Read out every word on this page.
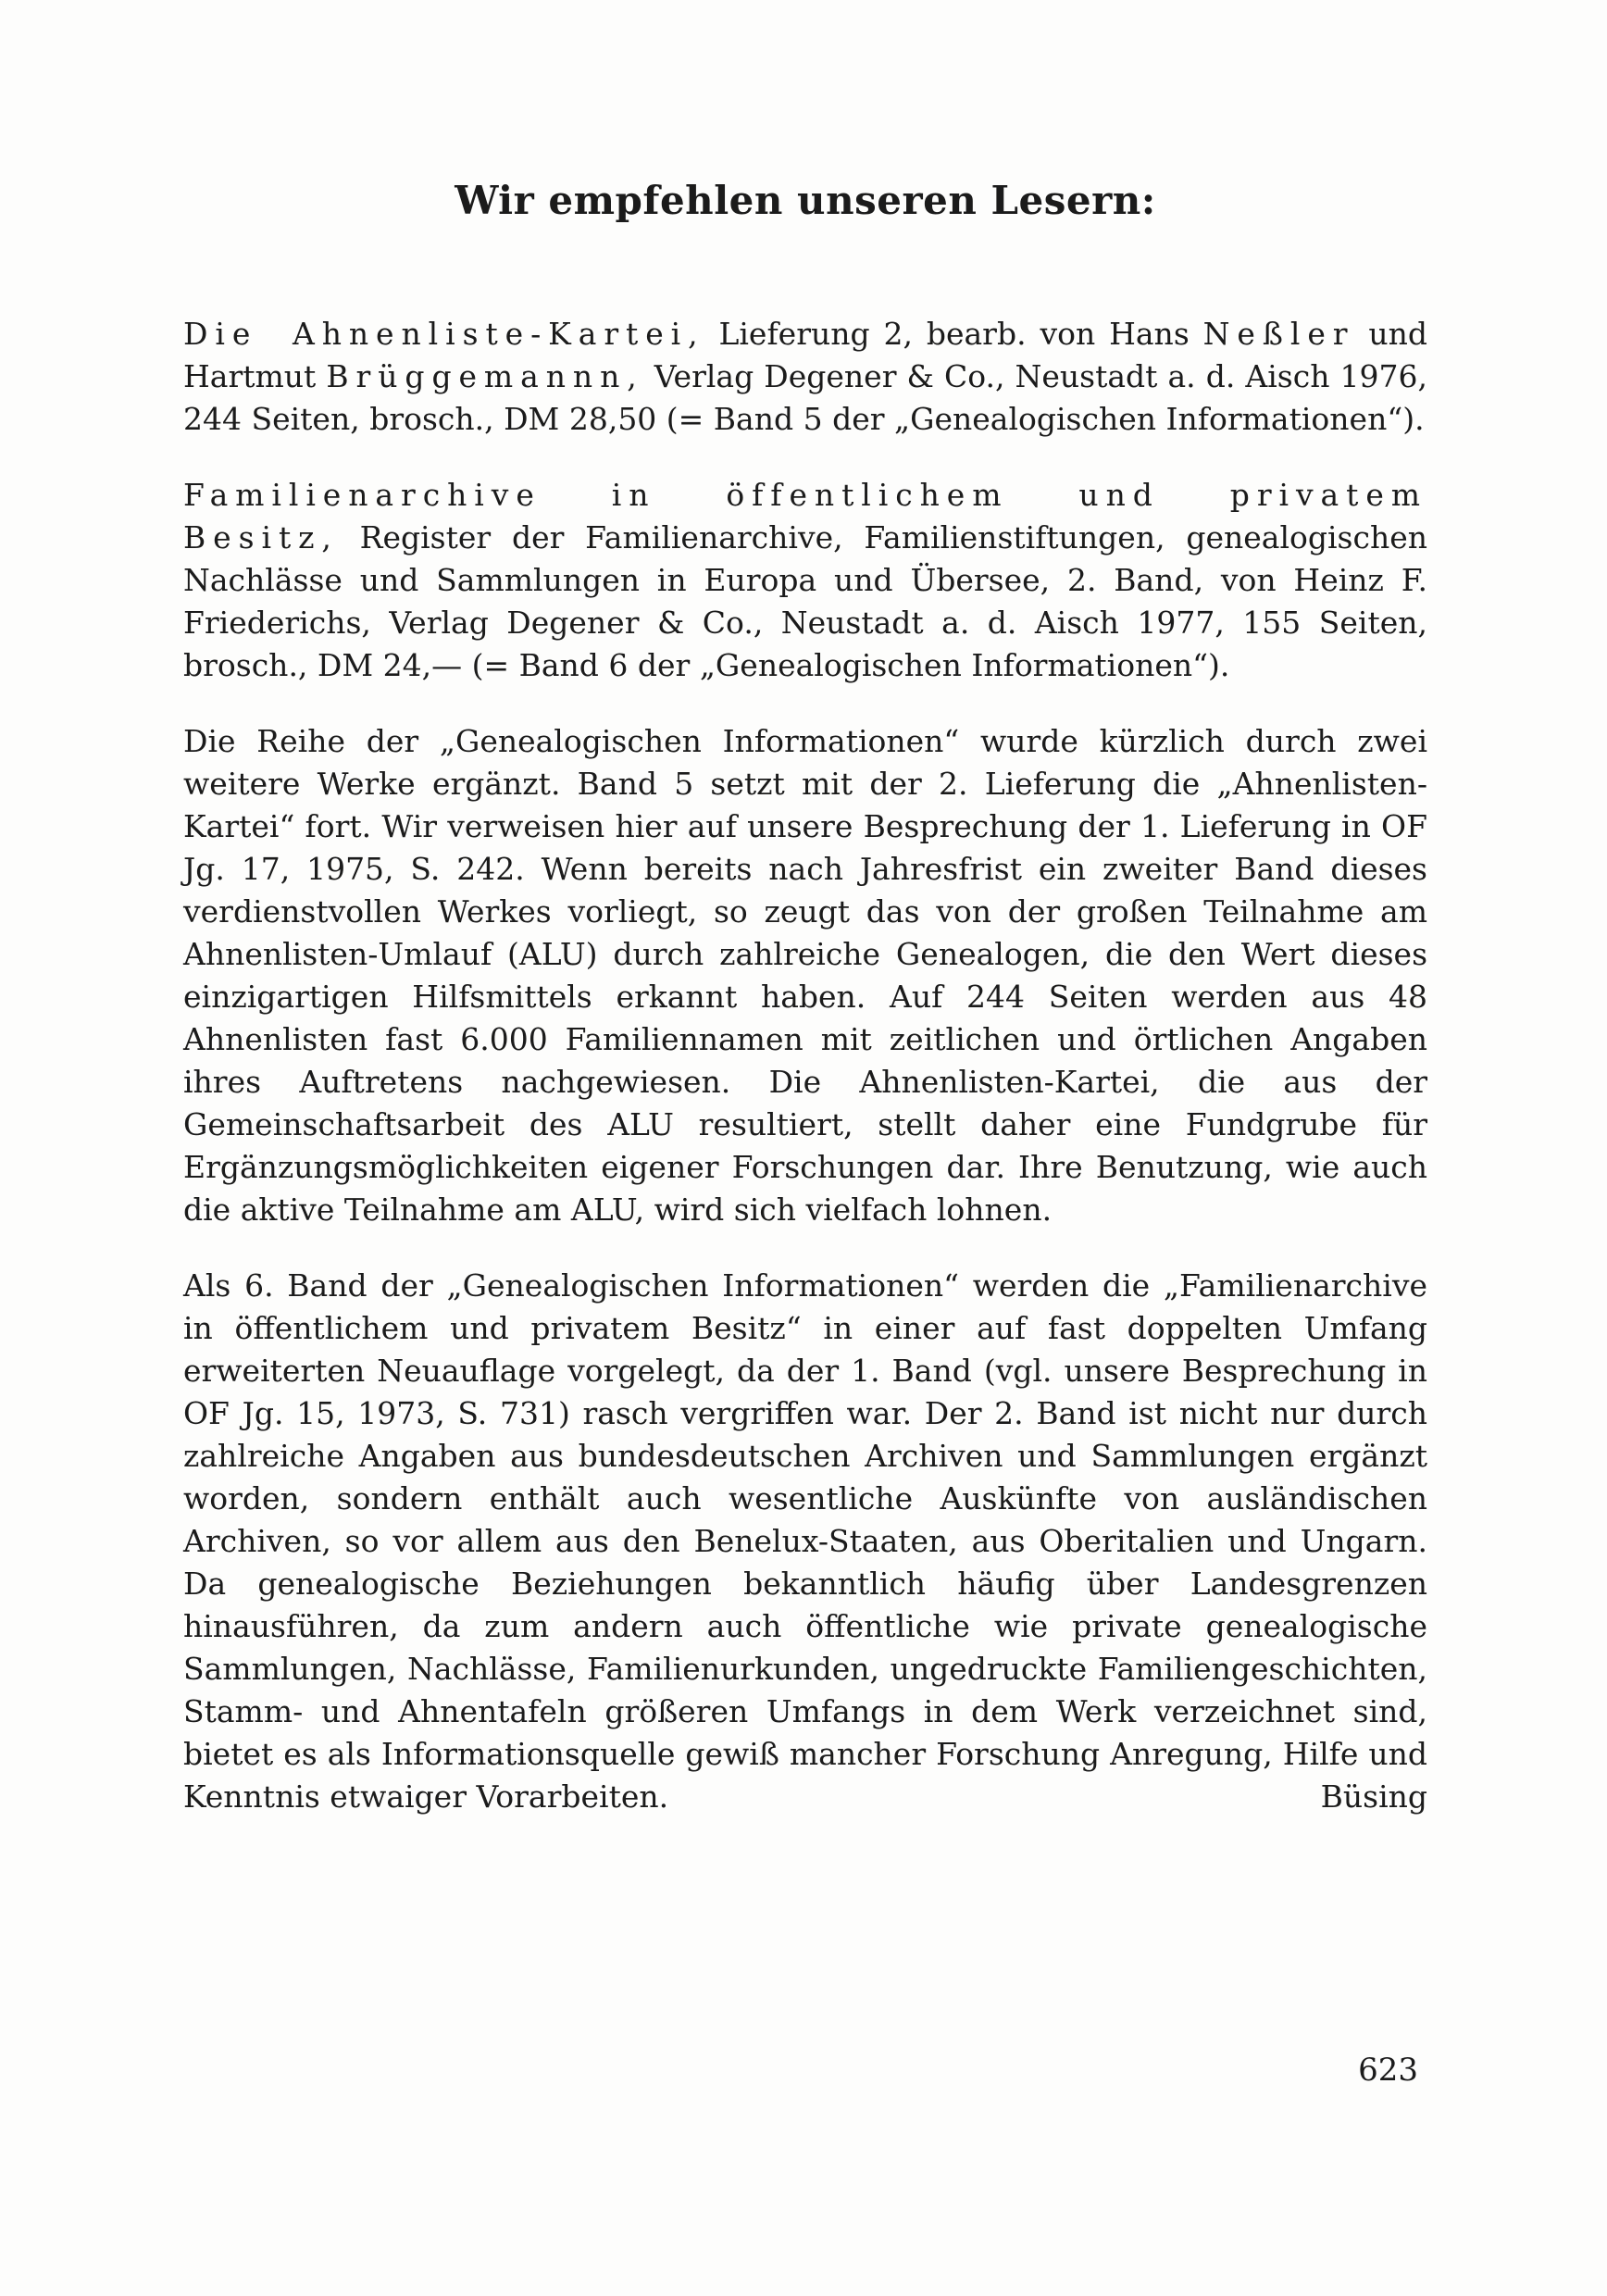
Wir empfehlen unseren Lesern:

Die Ahnenliste-Kartei, Lieferung 2, bearb. von Hans Neßler und Hartmut Brüggemannn, Verlag Degener & Co., Neustadt a. d. Aisch 1976, 244 Seiten, brosch., DM 28,50 (= Band 5 der „Genealogischen Informationen“).

Familienarchive in öffentlichem und privatem Besitz, Register der Familienarchive, Familienstiftungen, genealogischen Nachlässe und Sammlungen in Europa und Übersee, 2. Band, von Heinz F. Friederichs, Verlag Degener & Co., Neustadt a. d. Aisch 1977, 155 Seiten, brosch., DM 24,— (= Band 6 der „Genealogischen Informationen“).

Die Reihe der „Genealogischen Informationen“ wurde kürzlich durch zwei weitere Werke ergänzt. Band 5 setzt mit der 2. Lieferung die „Ahnenlisten-Kartei“ fort. Wir verweisen hier auf unsere Besprechung der 1. Lieferung in OF Jg. 17, 1975, S. 242. Wenn bereits nach Jahresfrist ein zweiter Band dieses verdienstvollen Werkes vorliegt, so zeugt das von der großen Teilnahme am Ahnenlisten-Umlauf (ALU) durch zahlreiche Genealogen, die den Wert dieses einzigartigen Hilfsmittels erkannt haben. Auf 244 Seiten werden aus 48 Ahnenlisten fast 6.000 Familiennamen mit zeitlichen und örtlichen Angaben ihres Auftretens nachgewiesen. Die Ahnenlisten-Kartei, die aus der Gemeinschaftsarbeit des ALU resultiert, stellt daher eine Fundgrube für Ergänzungsmöglichkeiten eigener Forschungen dar. Ihre Benutzung, wie auch die aktive Teilnahme am ALU, wird sich vielfach lohnen.

Als 6. Band der „Genealogischen Informationen“ werden die „Familienarchive in öffentlichem und privatem Besitz“ in einer auf fast doppelten Umfang erweiterten Neuauflage vorgelegt, da der 1. Band (vgl. unsere Besprechung in OF Jg. 15, 1973, S. 731) rasch vergriffen war. Der 2. Band ist nicht nur durch zahlreiche Angaben aus bundesdeutschen Archiven und Sammlungen ergänzt worden, sondern enthält auch wesentliche Auskünfte von ausländischen Archiven, so vor allem aus den Benelux-Staaten, aus Oberitalien und Ungarn. Da genealogische Beziehungen bekanntlich häufig über Landesgrenzen hinausführen, da zum andern auch öffentliche wie private genealogische Sammlungen, Nachlässe, Familienurkunden, ungedruckte Familiengeschichten, Stamm- und Ahnentafeln größeren Umfangs in dem Werk verzeichnet sind, bietet es als Informationsquelle gewiß mancher Forschung Anregung, Hilfe und Kenntnis etwaiger Vorarbeiten.	Büsing

623
